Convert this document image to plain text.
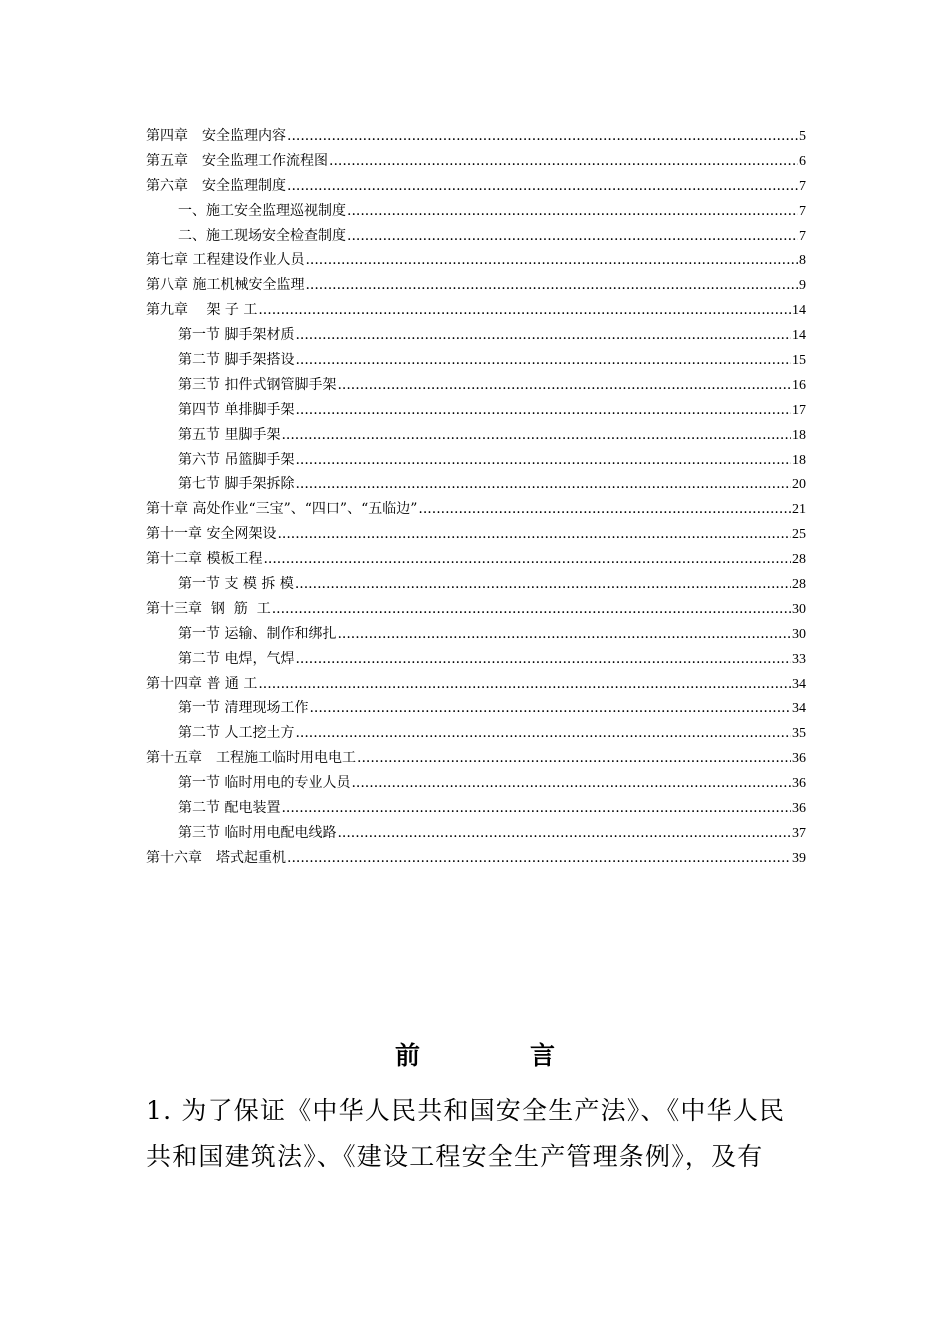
第四章 　安全监理内容 .....	5
第五章 　安全监理工作流程图 .....	6
第六章 　安全监理制度 .....	7
一、施工安全监理巡视制度 .....	7
二、施工现场安全检查制度 .....	7
第七章 工程建设作业人员 .....	8
第八章 施工机械安全监理 .....	9
第九章 　 架 子 工 .....	14
第一节 脚手架材质 .....	14
第二节 脚手架搭设 .....	15
第三节 扣件式钢管脚手架 .....	16
第四节 单排脚手架 .....	17
第五节 里脚手架 .....	18
第六节 吊篮脚手架 .....	18
第七节 脚手架拆除 .....	20
第十章 高处作业“三宝”、“四口”、“五临边” .....	21
第十一章 安全网架设 .....	25
第十二章 模板工程 .....	28
第一节 支 模 拆 模 .....	28
第十三章 钢  筋  工 .....	30
第一节 运输、制作和绑扎 .....	30
第二节 电焊，气焊 .....	33
第十四章 普 通 工 .....	34
第一节 清理现场工作 .....	34
第二节 人工挖土方 .....	35
第十五章 　工程施工临时用电电工 .....	36
第一节 临时用电的专业人员 .....	36
第二节 配电装置 .....	36
第三节 临时用电配电线路 .....	37
第十六章 　塔式起重机 .....	39
前	言

1. 为了保证《中华人民共和国安全生产法》、《中华人民
共和国建筑法》、《建设工程安全生产管理条例》，及有
